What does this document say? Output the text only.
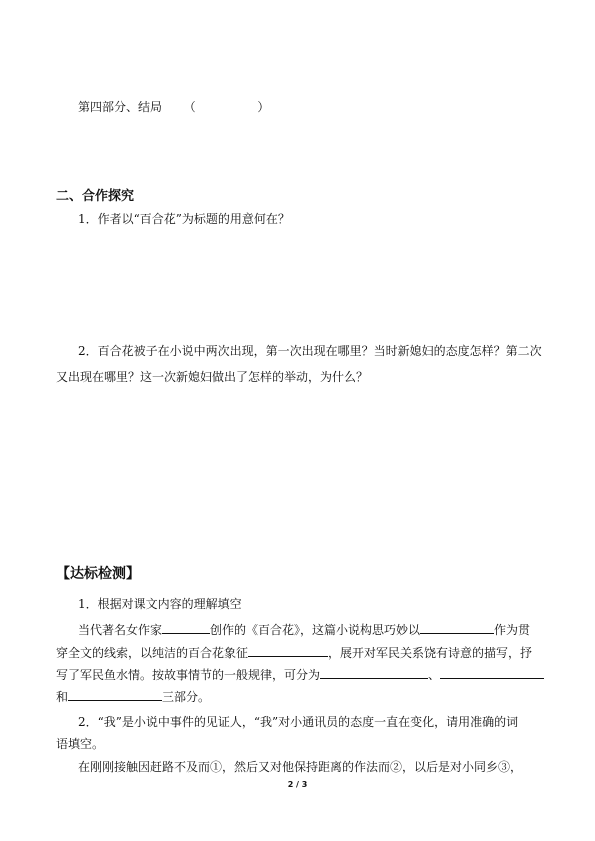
第四部分、结局 （	）
二、合作探究
1．作者以“百合花”为标题的用意何在？
2．百合花被子在小说中两次出现，第一次出现在哪里？当时新媳妇的态度怎样？第二次
又出现在哪里？这一次新媳妇做出了怎样的举动，为什么？
【达标检测】
1．根据对课文内容的理解填空
当代著名女作家	创作的《百合花》，这篇小说构思巧妙以	作为贯
穿全文的线索，以纯洁的百合花象征	，展开对军民关系饶有诗意的描写，抒
写了军民鱼水情。按故事情节的一般规律，可分为	、
和	三部分。
2．“我”是小说中事件的见证人，“我”对小通讯员的态度一直在变化，请用准确的词
语填空。
在刚刚接触因赶路不及而①，然后又对他保持距离的作法而②，以后是对小同乡③，
2 / 3
